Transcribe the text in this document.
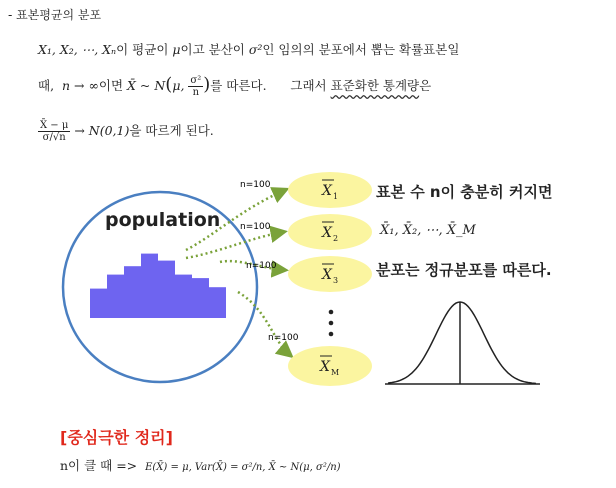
- 표본평균의 분포
X₁, X₂, ⋯, Xₙ이 평균이 μ이고 분산이 σ²인 임의의 분포에서 뽑는 확률표본일
때, n → ∞이면 X̄ ~ N(μ, $\frac{\text{σ²}}{n}$ )를 따른다. 그래서 표준화한 통계량은
$\frac{X̄ - \mu}{\sigma/√n} \to N(0,1)$을 따르게 된다.
population
n=100
n=100
n=100
n=100
X 1
X 2
X 3
X M
표본 수 n이 충분히 커지면
X̄₁, X̄₂, ⋯, X̄_M
분포는 정규분포를 따른다.
[중심극한 정리]
n이 클 때 => E(X̄) = μ, Var(X̄) = σ²/n, X̄ ~ N(μ, σ²/n)
